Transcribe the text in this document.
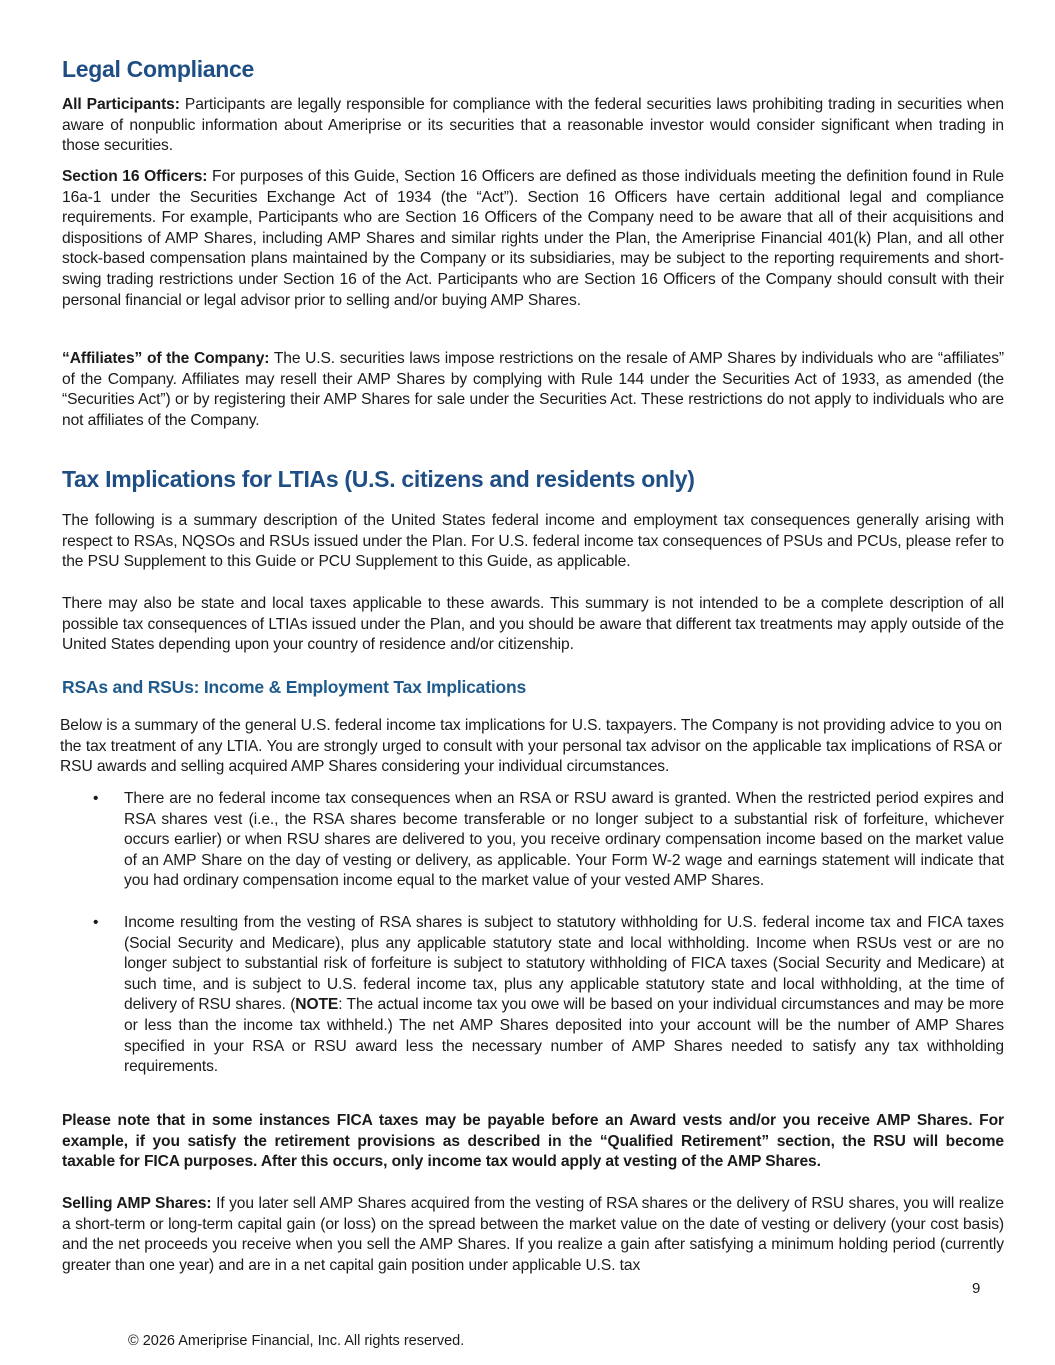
Legal Compliance

All Participants: Participants are legally responsible for compliance with the federal securities laws prohibiting trading in securities when aware of nonpublic information about Ameriprise or its securities that a reasonable investor would consider significant when trading in those securities.

Section 16 Officers: For purposes of this Guide, Section 16 Officers are defined as those individuals meeting the definition found in Rule 16a-1 under the Securities Exchange Act of 1934 (the “Act”). Section 16 Officers have certain additional legal and compliance requirements. For example, Participants who are Section 16 Officers of the Company need to be aware that all of their acquisitions and dispositions of AMP Shares, including AMP Shares and similar rights under the Plan, the Ameriprise Financial 401(k) Plan, and all other stock-based compensation plans maintained by the Company or its subsidiaries, may be subject to the reporting requirements and short-swing trading restrictions under Section 16 of the Act. Participants who are Section 16 Officers of the Company should consult with their personal financial or legal advisor prior to selling and/or buying AMP Shares.

“Affiliates” of the Company: The U.S. securities laws impose restrictions on the resale of AMP Shares by individuals who are “affiliates” of the Company. Affiliates may resell their AMP Shares by complying with Rule 144 under the Securities Act of 1933, as amended (the “Securities Act”) or by registering their AMP Shares for sale under the Securities Act. These restrictions do not apply to individuals who are not affiliates of the Company.

Tax Implications for LTIAs (U.S. citizens and residents only)

The following is a summary description of the United States federal income and employment tax consequences generally arising with respect to RSAs, NQSOs and RSUs issued under the Plan. For U.S. federal income tax consequences of PSUs and PCUs, please refer to the PSU Supplement to this Guide or PCU Supplement to this Guide, as applicable.

There may also be state and local taxes applicable to these awards. This summary is not intended to be a complete description of all possible tax consequences of LTIAs issued under the Plan, and you should be aware that different tax treatments may apply outside of the United States depending upon your country of residence and/or citizenship.

RSAs and RSUs: Income & Employment Tax Implications

Below is a summary of the general U.S. federal income tax implications for U.S. taxpayers. The Company is not providing advice to you on the tax treatment of any LTIA. You are strongly urged to consult with your personal tax advisor on the applicable tax implications of RSA or RSU awards and selling acquired AMP Shares considering your individual circumstances.

• There are no federal income tax consequences when an RSA or RSU award is granted. When the restricted period expires and RSA shares vest (i.e., the RSA shares become transferable or no longer subject to a substantial risk of forfeiture, whichever occurs earlier) or when RSU shares are delivered to you, you receive ordinary compensation income based on the market value of an AMP Share on the day of vesting or delivery, as applicable. Your Form W-2 wage and earnings statement will indicate that you had ordinary compensation income equal to the market value of your vested AMP Shares.
• Income resulting from the vesting of RSA shares is subject to statutory withholding for U.S. federal income tax and FICA taxes (Social Security and Medicare), plus any applicable statutory state and local withholding. Income when RSUs vest or are no longer subject to substantial risk of forfeiture is subject to statutory withholding of FICA taxes (Social Security and Medicare) at such time, and is subject to U.S. federal income tax, plus any applicable statutory state and local withholding, at the time of delivery of RSU shares. (NOTE: The actual income tax you owe will be based on your individual circumstances and may be more or less than the income tax withheld.) The net AMP Shares deposited into your account will be the number of AMP Shares specified in your RSA or RSU award less the necessary number of AMP Shares needed to satisfy any tax withholding requirements.

Please note that in some instances FICA taxes may be payable before an Award vests and/or you receive AMP Shares. For example, if you satisfy the retirement provisions as described in the “Qualified Retirement” section, the RSU will become taxable for FICA purposes. After this occurs, only income tax would apply at vesting of the AMP Shares.

Selling AMP Shares: If you later sell AMP Shares acquired from the vesting of RSA shares or the delivery of RSU shares, you will realize a short-term or long-term capital gain (or loss) on the spread between the market value on the date of vesting or delivery (your cost basis) and the net proceeds you receive when you sell the AMP Shares. If you realize a gain after satisfying a minimum holding period (currently greater than one year) and are in a net capital gain position under applicable U.S. tax

9
© 2026 Ameriprise Financial, Inc. All rights reserved.
